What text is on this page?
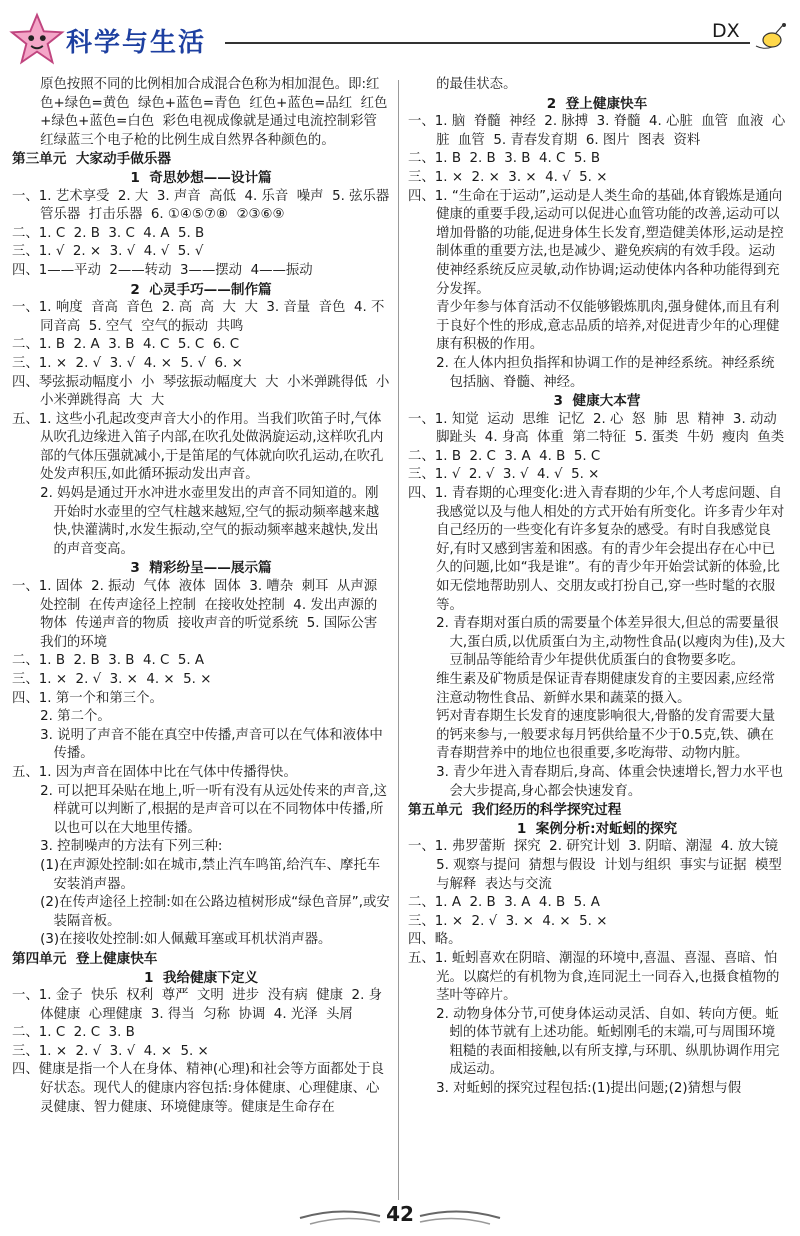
科学与生活	DX
原色按照不同的比例相加合成混合色称为相加混色。即:红色+绿色=黄色  绿色+蓝色=青色  红色+蓝色=品红  红色+绿色+蓝色=白色  彩色电视成像就是通过电流控制彩管红绿蓝三个电子枪的比例生成自然界各种颜色的。
第三单元  大家动手做乐器
1  奇思妙想——设计篇
一、1. 艺术享受  2. 大  3. 声音  高低  4. 乐音  噪声  5. 弦乐器  管乐器  打击乐器  6. ①④⑤⑦⑧  ②③⑥⑨
二、1. C  2. B  3. C  4. A  5. B
三、1. √  2. ×  3. √  4. √  5. √
四、1——平动  2——转动  3——摆动  4——振动
2  心灵手巧——制作篇
一、1. 响度  音高  音色  2. 高  高  大  大  3. 音量  音色  4. 不同音高  5. 空气  空气的振动  共鸣
二、1. B  2. A  3. B  4. C  5. C  6. C
三、1. ×  2. √  3. √  4. ×  5. √  6. ×
四、琴弦振动幅度小  小  琴弦振动幅度大  大  小米弹跳得低  小  小米弹跳得高  大  大
五、1. 这些小孔起改变声音大小的作用。当我们吹笛子时,气体从吹孔边缘进入笛子内部,在吹孔处做涡旋运动,这样吹孔内部的气体压强就减小,于是笛尾的气体就向吹孔运动,在吹孔处发声积压,如此循环振动发出声音。
2. 妈妈是通过开水冲进水壶里发出的声音不同知道的。刚开始时水壶里的空气柱越来越短,空气的振动频率越来越快,快灌满时,水发生振动,空气的振动频率越来越快,发出的声音变高。
3  精彩纷呈——展示篇
一、1. 固体  2. 振动  气体  液体  固体  3. 嘈杂  刺耳  从声源处控制  在传声途径上控制  在接收处控制  4. 发出声源的物体  传递声音的物质  接收声音的听觉系统  5. 国际公害  我们的环境
二、1. B  2. B  3. B  4. C  5. A
三、1. ×  2. √  3. ×  4. ×  5. ×
四、1. 第一个和第三个。
2. 第二个。
3. 说明了声音不能在真空中传播,声音可以在气体和液体中传播。
五、1. 因为声音在固体中比在气体中传播得快。
2. 可以把耳朵贴在地上,听一听有没有从远处传来的声音,这样就可以判断了,根据的是声音可以在不同物体中传播,所以也可以在大地里传播。
3. 控制噪声的方法有下列三种:
(1)在声源处控制:如在城市,禁止汽车鸣笛,给汽车、摩托车安装消声器。
(2)在传声途径上控制:如在公路边植树形成“绿色音屏”,或安装隔音板。
(3)在接收处控制:如人佩戴耳塞或耳机状消声器。
第四单元  登上健康快车
1  我给健康下定义
一、1. 金子  快乐  权利  尊严  文明  进步  没有病  健康  2. 身体健康  心理健康  3. 得当  匀称  协调  4. 光泽  头屑
二、1. C  2. C  3. B
三、1. ×  2. √  3. √  4. ×  5. ×
四、健康是指一个人在身体、精神(心理)和社会等方面都处于良好状态。现代人的健康内容包括:身体健康、心理健康、心灵健康、智力健康、环境健康等。健康是生命存在
的最佳状态。
2  登上健康快车
一、1. 脑  脊髓  神经  2. 脉搏  3. 脊髓  4. 心脏  血管  血液  心脏  血管  5. 青春发育期  6. 图片  图表  资料
二、1. B  2. B  3. B  4. C  5. B
三、1. ×  2. ×  3. ×  4. √  5. ×
四、1. “生命在于运动”,运动是人类生命的基础,体育锻炼是通向健康的重要手段,运动可以促进心血管功能的改善,运动可以增加骨骼的功能,促进身体生长发育,塑造健美体形,运动是控制体重的重要方法,也是减少、避免疾病的有效手段。运动使神经系统反应灵敏,动作协调;运动使体内各种功能得到充分发挥。
青少年参与体育活动不仅能够锻炼肌肉,强身健体,而且有利于良好个性的形成,意志品质的培养,对促进青少年的心理健康有积极的作用。
2. 在人体内担负指挥和协调工作的是神经系统。神经系统包括脑、脊髓、神经。
3  健康大本营
一、1. 知觉  运动  思维  记忆  2. 心  怒  肺  思  精神  3. 动动脚趾头  4. 身高  体重  第二特征  5. 蛋类  牛奶  瘦肉  鱼类
二、1. B  2. C  3. A  4. B  5. C
三、1. √  2. √  3. √  4. √  5. ×
四、1. 青春期的心理变化:进入青春期的少年,个人考虑问题、自我感觉以及与他人相处的方式开始有所变化。许多青少年对自己经历的一些变化有许多复杂的感受。有时自我感觉良好,有时又感到害羞和困惑。有的青少年会提出存在心中已久的问题,比如“我是谁”。有的青少年开始尝试新的体验,比如无偿地帮助别人、交朋友或打扮自己,穿一些时髦的衣服等。
2. 青春期对蛋白质的需要量个体差异很大,但总的需要量很大,蛋白质,以优质蛋白为主,动物性食品(以瘦肉为佳),及大豆制品等能给青少年提供优质蛋白的食物要多吃。
维生素及矿物质是保证青春期健康发育的主要因素,应经常注意动物性食品、新鲜水果和蔬菜的摄入。
钙对青春期生长发育的速度影响很大,骨骼的发育需要大量的钙来参与,一般要求每月钙供给量不少于0.5克,铁、碘在青春期营养中的地位也很重要,多吃海带、动物内脏。
3. 青少年进入青春期后,身高、体重会快速增长,智力水平也会大步提高,身心都会快速发育。
第五单元  我们经历的科学探究过程
1  案例分析:对蚯蚓的探究
一、1. 弗罗蕾斯  探究  2. 研究计划  3. 阴暗、潮湿  4. 放大镜  5. 观察与提问  猜想与假设  计划与组织  事实与证据  模型与解释  表达与交流
二、1. A  2. B  3. A  4. B  5. A
三、1. ×  2. √  3. ×  4. ×  5. ×
四、略。
五、1. 蚯蚓喜欢在阴暗、潮湿的环境中,喜温、喜湿、喜暗、怕光。以腐烂的有机物为食,连同泥土一同吞入,也摄食植物的茎叶等碎片。
2. 动物身体分节,可使身体运动灵活、自如、转向方便。蚯蚓的体节就有上述功能。蚯蚓刚毛的末端,可与周围环境粗糙的表面相接触,以有所支撑,与环肌、纵肌协调作用完成运动。
3. 对蚯蚓的探究过程包括:(1)提出问题;(2)猜想与假
42
